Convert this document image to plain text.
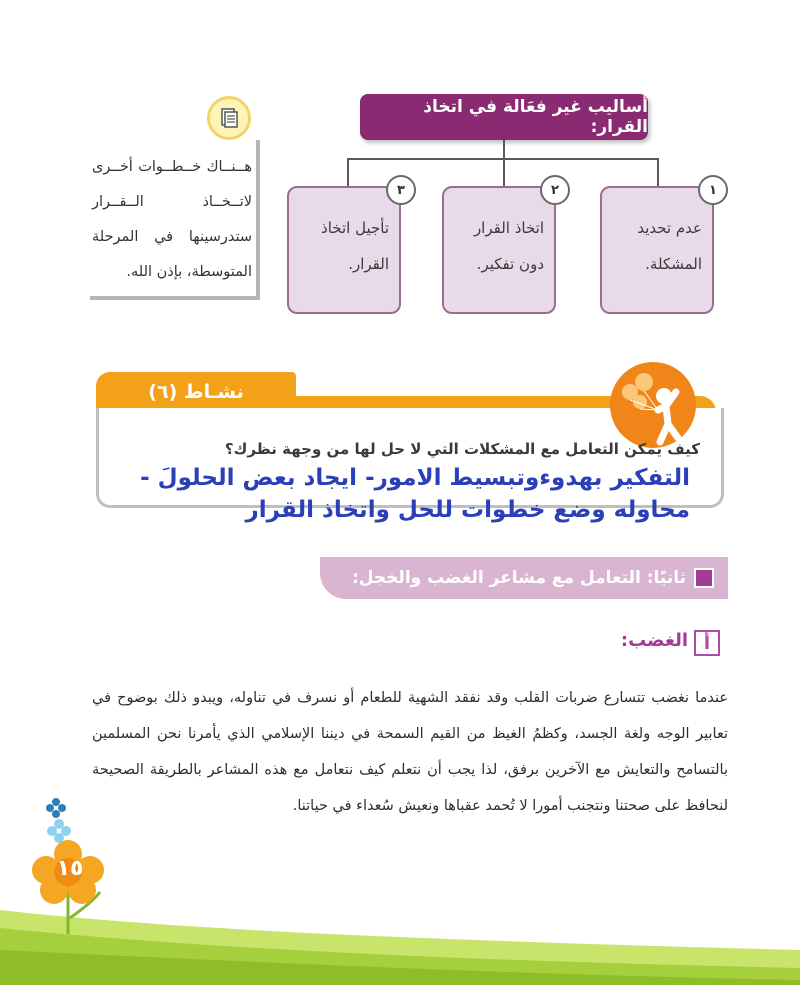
أساليب غير فعَالة في اتخاذ القرار:
عدم تحديد المشكلة.
١
اتخاذ القرار دون تفكير.
٢
تأجيل اتخاذ القرار.
٣
هــنــاك خــطــوات أخــرى لاتــخــاذ الــقــرار ستدرسينها في المرحلة المتوسطة، بإذن الله.
نشـاط (٦)
كيف يمكن التعامل مع المشكلات التي لا حل لها من وجهة نظرك؟
التفكير بهدوءوتبسيط الامور- ايجاد بعض الحلولَ - محاوله وضع خطوات للحل واتخاذ القرار
ثانيًا: التعامل مع مشاعر الغضب والخجل:
أ
الغضب:
عندما نغضب تتسارع ضربات القلب وقد نفقد الشهية للطعام أو نسرف في تناوله، ويبدو ذلك بوضوح في تعابير الوجه ولغة الجسد، وكظمُ الغيظ من القيم السمحة في ديننا الإسلامي الذي يأمرنا نحن المسلمين بالتسامح والتعايش مع الآخرين برفق، لذا يجب أن نتعلم كيف نتعامل مع هذه المشاعر بالطريقة الصحيحة لنحافظ على صحتنا ونتجنب أمورا لا تُحمد عقباها ونعيش سُعداء في حياتنا.
١٥
